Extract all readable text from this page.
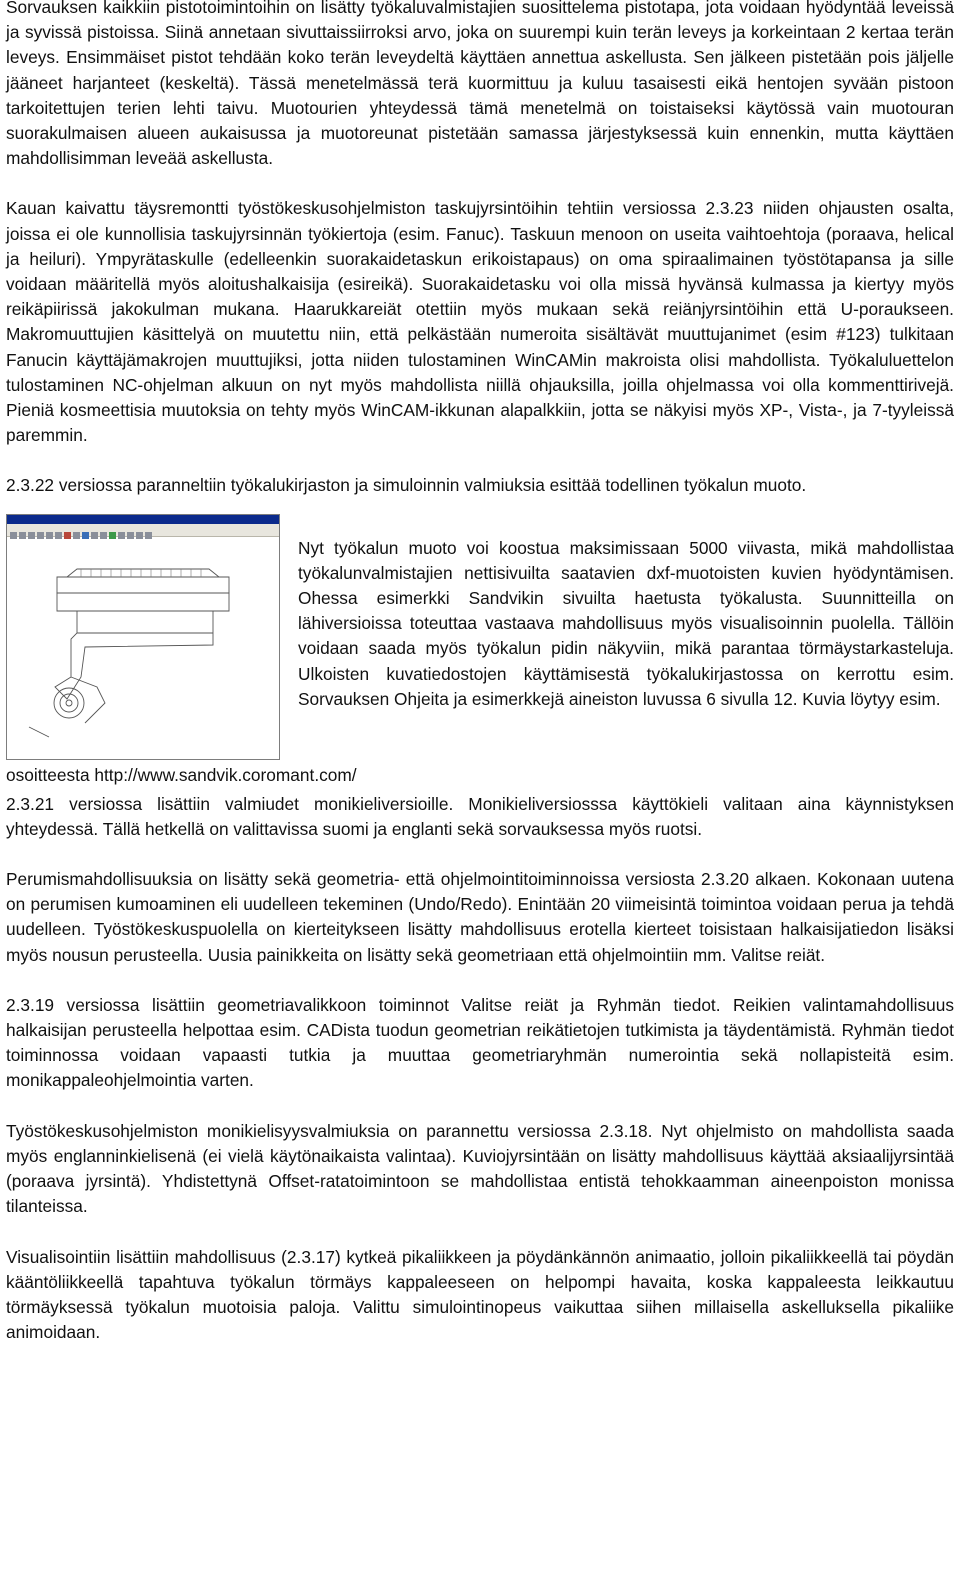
Sorvauksen kaikkiin pistotoimintoihin on lisätty työkaluvalmistajien suosittelema pistotapa, jota voidaan hyödyntää leveissä ja syvissä pistoissa. Siinä annetaan sivuttaissiirroksi arvo, joka on suurempi kuin terän leveys ja korkeintaan 2 kertaa terän leveys. Ensimmäiset pistot tehdään koko terän leveydeltä käyttäen annettua askellusta. Sen jälkeen pistetään pois jäljelle jääneet harjanteet (keskeltä). Tässä menetelmässä terä kuormittuu ja kuluu tasaisesti eikä hentojen syvään pistoon tarkoitettujen terien lehti taivu. Muotourien yhteydessä tämä menetelmä on toistaiseksi käytössä vain muotouran suorakulmaisen alueen aukaisussa ja muotoreunat pistetään samassa järjestyksessä kuin ennenkin, mutta käyttäen mahdollisimman leveää askellusta.

Kauan kaivattu täysremontti työstökeskusohjelmiston taskujyrsintöihin tehtiin versiossa 2.3.23 niiden ohjausten osalta, joissa ei ole kunnollisia taskujyrsinnän työkiertoja (esim. Fanuc). Taskuun menoon on useita vaihtoehtoja (poraava, helical ja heiluri). Ympyrätaskulle (edelleenkin suorakaidetaskun erikoistapaus) on oma spiraalimainen työstötapansa ja sille voidaan määritellä myös aloitushalkaisija (esireikä). Suorakaidetasku voi olla missä hyvänsä kulmassa ja kiertyy myös reikäpiirissä jakokulman mukana. Haarukkareiät otettiin myös mukaan sekä reiänjyrsintöihin että U-poraukseen. Makromuuttujien käsittelyä on muutettu niin, että pelkästään numeroita sisältävät muuttujanimet (esim #123) tulkitaan Fanucin käyttäjämakrojen muuttujiksi, jotta niiden tulostaminen WinCAMin makroista olisi mahdollista. Työkaluluettelon tulostaminen NC-ohjelman alkuun on nyt myös mahdollista niillä ohjauksilla, joilla ohjelmassa voi olla kommenttirivejä. Pieniä kosmeettisia muutoksia on tehty myös WinCAM-ikkunan alapalkkiin, jotta se näkyisi myös XP-, Vista-, ja 7-tyyleissä paremmin.

2.3.22 versiossa paranneltiin työkalukirjaston ja simuloinnin valmiuksia esittää todellinen työkalun muoto.

Nyt työkalun muoto voi koostua maksimissaan 5000 viivasta, mikä mahdollistaa työkalunvalmistajien nettisivuilta saatavien dxf-muotoisten kuvien hyödyntämisen. Ohessa esimerkki Sandvikin sivuilta haetusta työkalusta. Suunnitteilla on lähiversioissa toteuttaa vastaava mahdollisuus myös visualisoinnin puolella. Tällöin voidaan saada myös työkalun pidin näkyviin, mikä parantaa törmäystarkasteluja. Ulkoisten kuvatiedostojen käyttämisestä työkalukirjastossa on kerrottu esim. Sorvauksen Ohjeita ja esimerkkejä aineiston luvussa 6 sivulla 12. Kuvia löytyy esim.
osoitteesta http://www.sandvik.coromant.com/

2.3.21 versiossa lisättiin valmiudet monikieliversioille. Monikieliversiosssa käyttökieli valitaan aina käynnistyksen yhteydessä. Tällä hetkellä on valittavissa suomi ja englanti sekä sorvauksessa myös ruotsi.

Perumismahdollisuuksia on lisätty sekä geometria- että ohjelmointitoiminnoissa versiosta 2.3.20 alkaen. Kokonaan uutena on perumisen kumoaminen eli uudelleen tekeminen (Undo/Redo). Enintään 20 viimeisintä toimintoa voidaan perua ja tehdä uudelleen. Työstökeskuspuolella on kierteitykseen lisätty mahdollisuus erotella kierteet toisistaan halkaisijatiedon lisäksi myös nousun perusteella. Uusia painikkeita on lisätty sekä geometriaan että ohjelmointiin mm. Valitse reiät.

2.3.19 versiossa lisättiin geometriavalikkoon toiminnot Valitse reiät ja Ryhmän tiedot. Reikien valintamahdollisuus halkaisijan perusteella helpottaa esim. CADista tuodun geometrian reikätietojen tutkimista ja täydentämistä. Ryhmän tiedot toiminnossa voidaan vapaasti tutkia ja muuttaa geometriaryhmän numerointia sekä nollapisteitä esim. monikappaleohjelmointia varten.

Työstökeskusohjelmiston monikielisyysvalmiuksia on parannettu versiossa 2.3.18. Nyt ohjelmisto on mahdollista saada myös englanninkielisenä (ei vielä käytönaikaista valintaa). Kuviojyrsintään on lisätty mahdollisuus käyttää aksiaalijyrsintää (poraava jyrsintä). Yhdistettynä Offset-ratatoimintoon se mahdollistaa entistä tehokkaamman aineenpoiston monissa tilanteissa.

Visualisointiin lisättiin mahdollisuus (2.3.17) kytkeä pikaliikkeen ja pöydänkännön animaatio, jolloin pikaliikkeellä tai pöydän kääntöliikkeellä tapahtuva työkalun törmäys kappaleeseen on helpompi havaita, koska kappaleesta leikkautuu törmäyksessä työkalun muotoisia paloja. Valittu simulointinopeus vaikuttaa siihen millaisella askelluksella pikaliike animoidaan.
